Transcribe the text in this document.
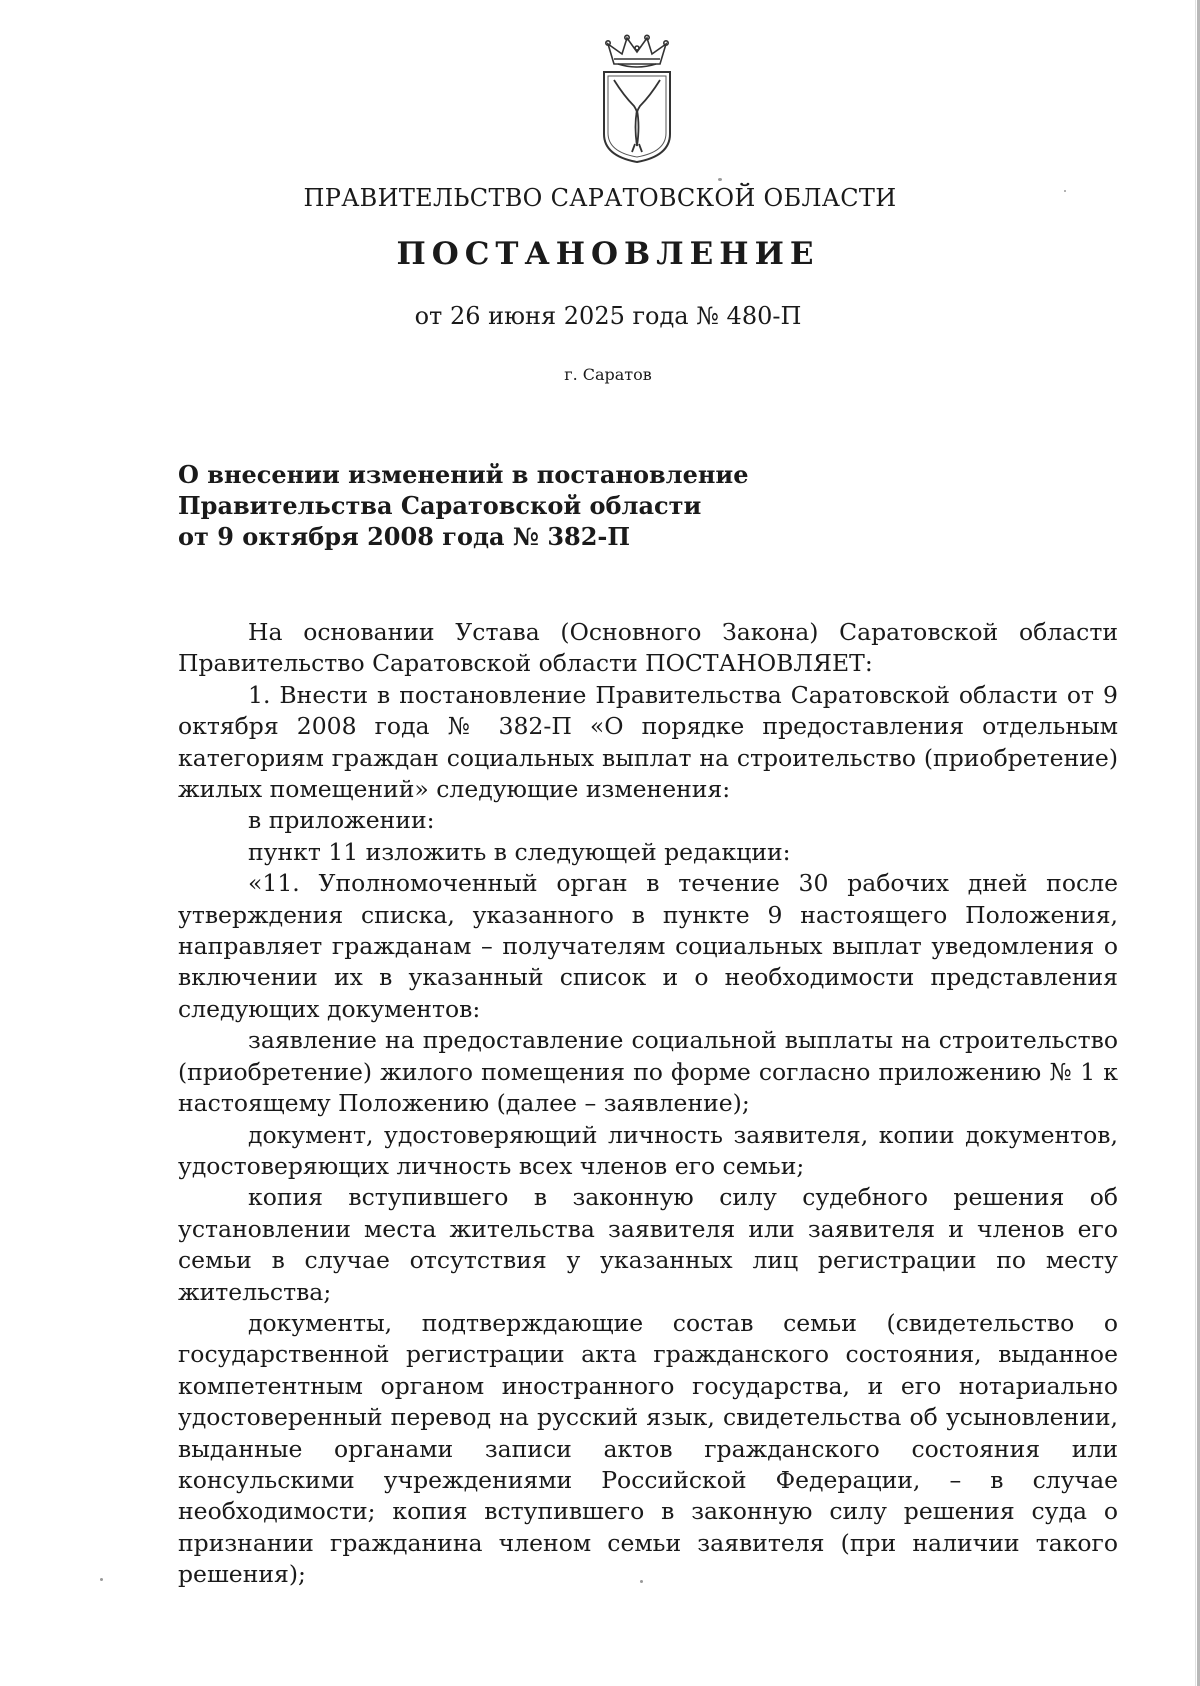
ПРАВИТЕЛЬСТВО САРАТОВСКОЙ ОБЛАСТИ
ПОСТАНОВЛЕНИЕ
от 26 июня 2025 года № 480-П
г. Саратов
О внесении изменений в постановление
Правительства Саратовской области
от 9 октября 2008 года № 382-П

На основании Устава (Основного Закона) Саратовской области Правительство Саратовской области ПОСТАНОВЛЯЕТ:

1. Внести в постановление Правительства Саратовской области от 9 октября 2008 года № 382-П «О порядке предоставления отдельным категориям граждан социальных выплат на строительство (приобретение) жилых помещений» следующие изменения:

в приложении:

пункт 11 изложить в следующей редакции:

«11. Уполномоченный орган в течение 30 рабочих дней после утверждения списка, указанного в пункте 9 настоящего Положения, направляет гражданам – получателям социальных выплат уведомления о включении их в указанный список и о необходимости представления следующих документов:

заявление на предоставление социальной выплаты на строительство (приобретение) жилого помещения по форме согласно приложению № 1 к настоящему Положению (далее – заявление);

документ, удостоверяющий личность заявителя, копии документов, удостоверяющих личность всех членов его семьи;

копия вступившего в законную силу судебного решения об установлении места жительства заявителя или заявителя и членов его семьи в случае отсутствия у указанных лиц регистрации по месту жительства;

документы, подтверждающие состав семьи (свидетельство о государственной регистрации акта гражданского состояния, выданное компетентным органом иностранного государства, и его нотариально удостоверенный перевод на русский язык, свидетельства об усыновлении, выданные органами записи актов гражданского состояния или консульскими учреждениями Российской Федерации, – в случае необходимости; копия вступившего в законную силу решения суда о признании гражданина членом семьи заявителя (при наличии такого решения);
